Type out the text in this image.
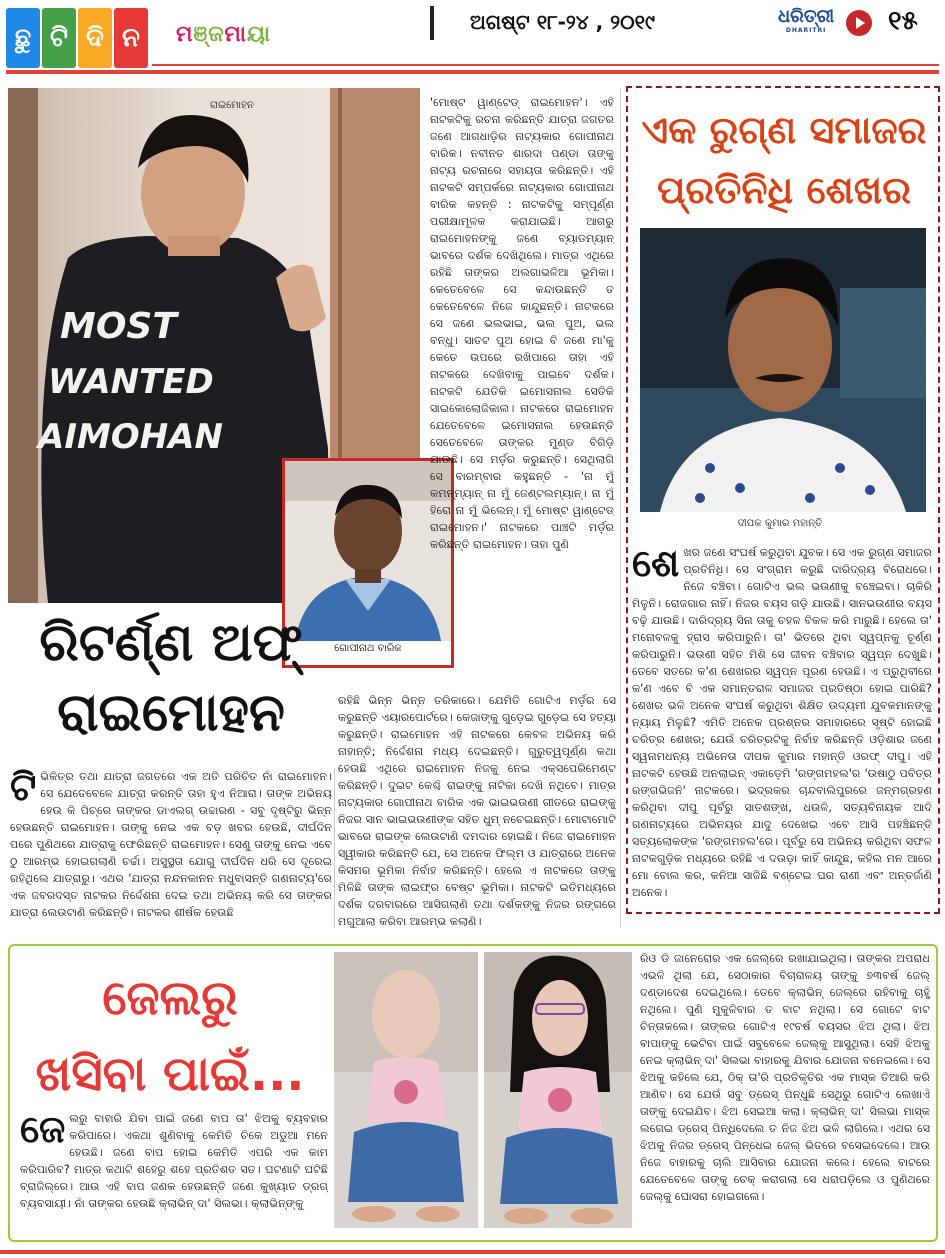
ଛୁ ଟି ଦି ନ	ମ ଞ୍ଜ ମା ୟା	ଅଗଷ୍ଟ ୧୮-୨୪ , ୨୦୧୯	ଧରିତ୍ରୀ
DHARITRI	୧୫
MOST
WANTED
AIMOHAN
ରାଇମୋହନ
ଗୋପୀନାଥ ବାରିକ
ରିଟର୍ଣ୍ଣ ଅଫ୍
ରାଇମୋହନ
ଟି ଭିକିତ୍ର ତଥା ଯାତ୍ରା ଜଗତରେ ଏକ ଅତି ପରିଚିତ ନାଁ ରାଇମୋହନ। ସେ ଯେତେବେଳେ ଯାତ୍ରା କରନ୍ତି ତାହା ହୁଏ ନିଆରା। ତାଙ୍କ ଅଭିନୟ ହେଉ କି ପିଚ୍‌ରେ ତାଙ୍କର ଡାଏଲଗ୍ ଉଚ୍ଚାରଣ - ସବୁ ଦୃଷ୍ଟିରୁ ଭିନ୍ନ ହେଉଛନ୍ତି ରାଇମୋହନ। ତାଙ୍କୁ ନେଇ ଏକ ବଡ଼ ଖବର ହେଉଛି, ଦୀର୍ଘଦିନ ପରେ ପୁଣିଥରେ ଯାତ୍ରାକୁ ଫେରିଛନ୍ତି ରାଇମୋହନ। ସେଣୁ ତାଙ୍କୁ ନେଇ ଏବେ ଠୁ ଆରମ୍ଭ ହୋଇଗଲାଣି ଚର୍ଚ୍ଚା। ଅସୁସ୍ଥତା ଯୋଗୁ ଦୀର୍ଘଦିନ ଧରି ସେ ଦୂରେଇ ରହିଥିଲେ ଯାତ୍ରାରୁ। ଏଥର 'ଯାତ୍ରା ନନ୍ଦନକାନନ ମଧୁବାସନ୍ତି ଗଣନାଟ୍ୟ'ରେ ଏକ ଜବରଦସ୍ତ ନାଟକର ନିର୍ଦ୍ଦେଶନା ଦେଇ ତଥା ଅଭିନୟ କରି ସେ ତାଙ୍କର ଯାତ୍ରା ଲେଉଟାଣି କରିଛନ୍ତି। ନାଟକର ଶୀର୍ଷକ ହେଉଛି
'ମୋଷ୍ଟ ୱାଣ୍ଟେଡ୍ ରାଇମୋହନ'। ଏହି ନାଟକଟିକୁ ରଚନା କରିଛନ୍ତି ଯାତ୍ରା ଜଗତର ଜଣେ ଆଗଧାଡ଼ିର ନାଟ୍ୟକାର ଗୋପୀନାଥ ବାରିକ। ନବୀନତ ଶାରଦା ପଣ୍ଡା ତାଙ୍କୁ ନାଟ୍ୟ ରଚନାରେ ସହାୟତା କରିଛନ୍ତି। ଏହି ନାଟକଟି ସମ୍ପର୍କରେ ନାଟ୍ୟକାର ଗୋପୀନାଥ ବାରିକ କହନ୍ତି : ନାଟକଟିକୁ ସମ୍ପୂର୍ଣ୍ଣ ପରୀକ୍ଷାମୂଳକ କରାଯାଇଛି। ଆଗରୁ ରାଇମୋହନଙ୍କୁ ଜଣେ ବ୍ୟାଡମ୍ୟାନ୍ ଭାବରେ ଦର୍ଶକ ଦେଖିଥିଲେ। ମାତ୍ର ଏଥିରେ ରହିଛି ତାଙ୍କର ଅଲଗାଭଳିଆ ଭୂମିକା। କେତେବେଳେ ସେ କନ୍ଦାଉଛନ୍ତି ତ କେତେବେଳେ ନିଜେ କାନ୍ଦୁଛନ୍ତି। ନାଟକରେ ସେ ଜଣେ ଭଲଭାଇ, ଭଲ ପୁଅ, ଭଲ ବନ୍ଧୁ। ସାତଟ ପୁଅ ହୋଇ ବି ଜଣେ ମା'କୁ କେତେ ଉପରେ ରଖିପାରେ ତାହା ଏହି ନାଟକରେ ଦେଖିବାକୁ ପାଇବେ ଦର୍ଶକ। ନାଟକଟି ଯେତିକି ଇମୋସନାଲ ସେତିକି ସାଇକୋଲୋଜିକାଲ। ନାଟକରେ ରାଇମୋହନ ଯେତେବେଳେ ଇମୋସନାଲ ହେଉଛନ୍ତି ସେତେବେଳେ ତାଙ୍କର ମୁଣ୍ଡ ବିଗିଡ଼ି ଯାଉଛି। ସେ ମର୍ଡ଼ର କରୁଛନ୍ତି। ସେଥିଲାଗି ସେ ବାରମ୍ବାର କହୁଛନ୍ତି - 'ନା ମୁଁ କମନ୍‌ମ୍ୟାନ୍ ନା ମୁଁ ଜେଣ୍ଟଲମ୍ୟାନ୍। ନା ମୁଁ ହିରୋ ନା ମୁଁ ଭିଲେନ୍। ମୁଁ ମୋଷ୍ଟ ୱାଣ୍ଟେଡ୍ ରାଇମୋହନ।' ନାଟକରେ ପାଞ୍ଚଟି ମର୍ଡ଼ର କରିଛନ୍ତି ରାଇମୋହନ। ତାହା ପୁଣି
ରହିଛି ଭିନ୍ନ ଭିନ୍ନ ତରିକାରେ। ଯେମିତି ଗୋଟିଏ ମର୍ଡ଼ର ସେ କରୁଛନ୍ତି ଏୟାରପୋର୍ଟରେ। କେଜାଙ୍କୁ ଗୁଡ଼େଇ ଗୁଡ଼େଇ ସେ ହତ୍ୟା କରୁଛନ୍ତି। ରାଇମୋହନ ଏହି ନାଟକରେ କେବଳ ଅଭିନୟ କରି ନାହାନ୍ତି; ନିର୍ଦ୍ଦେଶନା ମଧ୍ୟ ଦେଇଛନ୍ତି। ଗୁରୁତ୍ୱପୂର୍ଣ୍ଣ କଥା ହେଉଛି ଏଥିରେ ରାଇମୋହନ ନିଜକୁ ନେଇ ଏକ୍ସପେରିମେଣ୍ଟ କରିଛନ୍ତି। ଦୁଇଟ କେଶ୍ଚି ରାଇଙ୍କୁ ନାଟିକା ଦେଖି ନଥିବେ। ମାତ୍ର ନାଟ୍ୟକାର ଗୋପୀନାଥ ବାରିକ ଏକ ଭାଇଭଉଣୀ ଗୀତରେ ରାଇଙ୍କୁ ନିଜର ସାନ ଭାଇଭଉଣୀଙ୍କ ସହିତ ଧୁମ୍ ନଚେଇଛନ୍ତି। ମୋଟାମୋଟି ଭାବରେ ରାଇଙ୍କ ଲେଉଟାଣି ଦମଦାର ହୋଇଛି। ନିଜେ ରାଇମୋହନ ସ୍ୱୀକାର କରିଛନ୍ତି ଯେ, ସେ ଅନେକ ଫିଲ୍ମ ଓ ଯାତ୍ରାରେ ଅନେକ କିସମର ଭୂମିକା ନିର୍ବାହ କରିଛନ୍ତି। ହେଲେ ଏ ନାଟକରେ ତାଙ୍କୁ ମିଳିଛି ତାଙ୍କ ଲାଇଫ୍‌ର ବେଷ୍ଟ ଭୂମିକା। ନାଟକଟି ଇତିମଧ୍ୟରେ ଦର୍ଶକ ଦରବାରରେ ଆସିଗଲାଣି ତଥା ଦର୍ଶକଙ୍କୁ ନିଜର ରଙ୍ଗରେ ମଗୁଆଲା କରିବା ଆରମ୍ଭ କଲାଣି।
ଏକ ରୁଗ୍‌ଣ ସମାଜର
ପ୍ରତିନିଧି ଶେଖର
ଦୀପକ କୁମାର ମହାନ୍ତି
ଶେ ଖର ଜଣେ ସଂଘର୍ଷ କରୁଥିବା ଯୁବକ। ସେ ଏକ ରୁଗ୍‌ଣ ସମାଜର ପ୍ରତିନିଧି। ସେ ସଂଗ୍ରାମ କରୁଛି ଦାରିଦ୍ର୍ୟ ବିରୋଧରେ। ନିଜେ ବଞ୍ଚିବା। ଗୋଟିଏ ଭଲ ଭଉଣୀକୁ ବଞ୍ଚେଇବା। ଚାକିରି ମିଳୁନି। ରୋଜଗାର ନାହିଁ। ନିଜର ବୟସ ଗଡ଼ି ଯାଉଛି। ସାନଭଉଣୀର ବୟସ ବଢ଼ି ଯାଉଛି। ଦାରିଦ୍ର୍ୟ ସିନା ତାକୁ ଚହଳ ବିକଳ କରି ମାରୁଛି। ହେଲେ ତା' ମନୋବଳକୁ ହ୍ରାସ କରିପାରୁନି। ତା' ଭିତରେ ଥିବା ସ୍ୱପ୍ନକୁ ଚୂର୍ଣ୍ଣ କରିପାରୁନି। ଭଉଣୀ ସହିତ ମିଶି ସେ ଜୀବନ ବଞ୍ଚିବାର ସ୍ୱପ୍ନ ଦେଖୁଛି। ତେବେ ସତରେ କ'ଣ ଶେଖରର ସ୍ୱପ୍ନ ପୂରଣ ହେଉଛି। ଏ ପ୍ରୁଥିବୀରେ କ'ଣ ଏବେ ବି ଏକ ସମାନ୍ତରାଳ ସମାଜର ପ୍ରତିଷ୍ଠା ହୋଇ ପାରିଛି? ଶେଖର ଭଳି ଅନେକ ସଂଘର୍ଷ କରୁଥିବା ଶିକ୍ଷିତ ଉଦ୍ୟମୀ ଯୁବକମାନଙ୍କୁ ନ୍ୟାୟ ମିଳୁଛି? ଏମିତି ଅନେକ ପ୍ରଶ୍ନର ସମାହାରରେ ସୃଷ୍ଟି ହୋଇଛି ଚରିତ୍ର ଶେଖର; ଯେଉଁ ଚରିତ୍ରଟିକୁ ନିର୍ବାହ କରିଛନ୍ତି ଓଡ଼ିଶାର ଜଣେ ସ୍ୱନାମଧନ୍ୟ ଅଭିନେତା ଦୀପକ କୁମାର ମହାନ୍ତି ଓରଫ୍ ଦୀପୁ। ଏହି ନାଟକଟି ହେଉଛି ଅନଲାଇନ୍ ଏକାଡ଼େମି 'ରଙ୍ଗମହଲ'ର 'ଉଷାଠୁ ପବିତ୍ର ରଙ୍ଗଭିଜନି' ନାଟକରେ। ଭଦ୍ରକର ଚାନ୍ଦବାଲିପୁରରେ ଜନ୍ମଗ୍ରହଣ କରିଥିବା ଦୀପୁ ପୂର୍ବରୁ ସାତଶଙ୍ଖ, ଧଉଳି, ସତ୍ୟବିନାୟକ ଆଦି ଗଣନାଟ୍ୟରେ ଅଭିନୟର ଯାଦୁ ଦେଖେଇ ଏବେ ଆସି ପହଞ୍ଚିଛନ୍ତି ସତ୍ୟଲୋକଙ୍କ 'ରଙ୍ଗମହଲ'ରେ। ପୂର୍ବରୁ ସେ ଅଭିନୟ କରିଥିବା ସଫଳ ନାଟକଗୁଡ଼ିକ ମଧ୍ୟରେ ରହିଛି ଏ ଦଉଡ଼ା କାହିଁ କାନ୍ଦୁଛ, କହିଲ ମନ ଆରେ ମୋ ବୋଲ କର, କନିଆ ସାଜିଛି ବଣ୍ଟେଇ ଘର ରାଣୀ ଏବଂ ଅନ୍ତର୍ଜାଣି ଅନେକ।
ଜେଲରୁ
ଖସିବା ପାଇଁ...
ଜେ ଲରୁ ବାହାରି ଯିବା ପାଇଁ ଜଣେ ବାପ ତା' ଝିଅକୁ ବ୍ୟବହାର କରିପାରେ। ଏକଥା ଶୁଣିବାକୁ କେମିତି ଚିକେ ଅଡୁଆ ମନେ ହେଉଛି। ଜଣେ ବାପ ହୋଇ କେମିତି ଏପରି ଏକ କାମ କରିପାରିବ? ମାତ୍ର କଥାଟି ଶହେରୁ ଶହେ ପ୍ରତିଶତ ସତ। ଘଟଣାଟି ଘଟିଛି ବ୍ରାଜିଲ୍‌ରେ। ଆଉ ଏହି ବାପ ଜଣକ ହେଉଛନ୍ତି ଜଣେ କୁଖ୍ୟାତ ଡ୍ରଗ୍ ବ୍ୟବସାୟୀ। ନାଁ ତାଙ୍କର ହେଉଛି କ୍ଲାଭିନ୍ ଦା' ସିଲଭା। କ୍ଲାଭିନ୍‌ଙ୍କୁ
ରିଓ ଡି ଜାନେରୋର ଏକ ଜେଲ୍‌ରେ ରଖାଯାଇଥିଲା। ତାଙ୍କର ଅପରାଧ ଏଭଳି ଥିଲା ଯେ, ସେଠାକାର ବିଚାରାଳୟ ତାଙ୍କୁ ୭୩ବର୍ଷ ଜେଲ୍ ଦଣ୍ଡାଦେଶ ଦେଇଥିଲେ। ତେବେ କ୍ଲାଭିନ୍ ଜେଲ୍‌ରେ ରହିବାକୁ ଚାହୁଁ ନଥିଲେ। ପୁଣି ମୁକୁଳିବାର ତ ବାଟ ନଥିଲା। ସେ ଗୋଟେ ବାଟ ଚିନ୍ତାକଲେ। ତାଙ୍କର ଗୋଟିଏ ୧୯ବର୍ଷ ବୟସର ଝିଅ ଥିଲା। ଝିଅ ବାପାଙ୍କୁ ଭେଟିବା ପାଇଁ ସବୁବେଳେ ଜେଲ୍‌କୁ ଆସୁଥିଲା। ସେହି ଝିଅକୁ ନେଇ କ୍ଲାଭିନ୍ ଦା' ସିଲଭା ବାହାରକୁ ଯିବାର ଯୋଜନା ବନେଇଲେ। ସେ ଝିଅକୁ କହିଲେ ଯେ, ଠିକ୍ ତା'ରି ପ୍ରତିକୃତିର ଏକ ମାସ୍କ ତିଆରି କରି ଆଣିବ। ସେ ଯେଉଁ ସବୁ ଡ୍ରେସ୍ ପିନ୍ଧୁଛି ସେଥିରୁ ଗୋଟିଏ ଲେଖାଏଁ ତାଙ୍କୁ ଦେଇଯିବ। ଝିଅ ସେଇଆ କଲା। କ୍ଲାଭିନ୍ ଦା' ସିଲଭା ମାସ୍କ ଲଗେଇ ଡ୍ରେସ୍ ପିନ୍ଧିଦେଲେ ତ ନିଜ ଝିଅ ଭଳି ଲାଗିଲେ। ଏଥର ସେ ଝିଅକୁ ନିଜର ଡ୍ରେସ୍ ପିନ୍ଧେଇ ଜେଲ୍ ଭିତରେ ବସେଇଦେଲେ। ଆଉ ନିଜେ ବାହାରକୁ ଚାଲି ଆସିବାର ଯୋଜନା କଲେ। ହେଲେ ବାଟରେ ଯେତେବେଳେ ତାଙ୍କୁ ଚେକ୍ କରାଗଲା ସେ ଧରାପଡ଼ିଲେ ଓ ପୁଣିଥରେ ଜେଲ୍‌କୁ ଘୋସରା ହୋଇଗଲେ।
